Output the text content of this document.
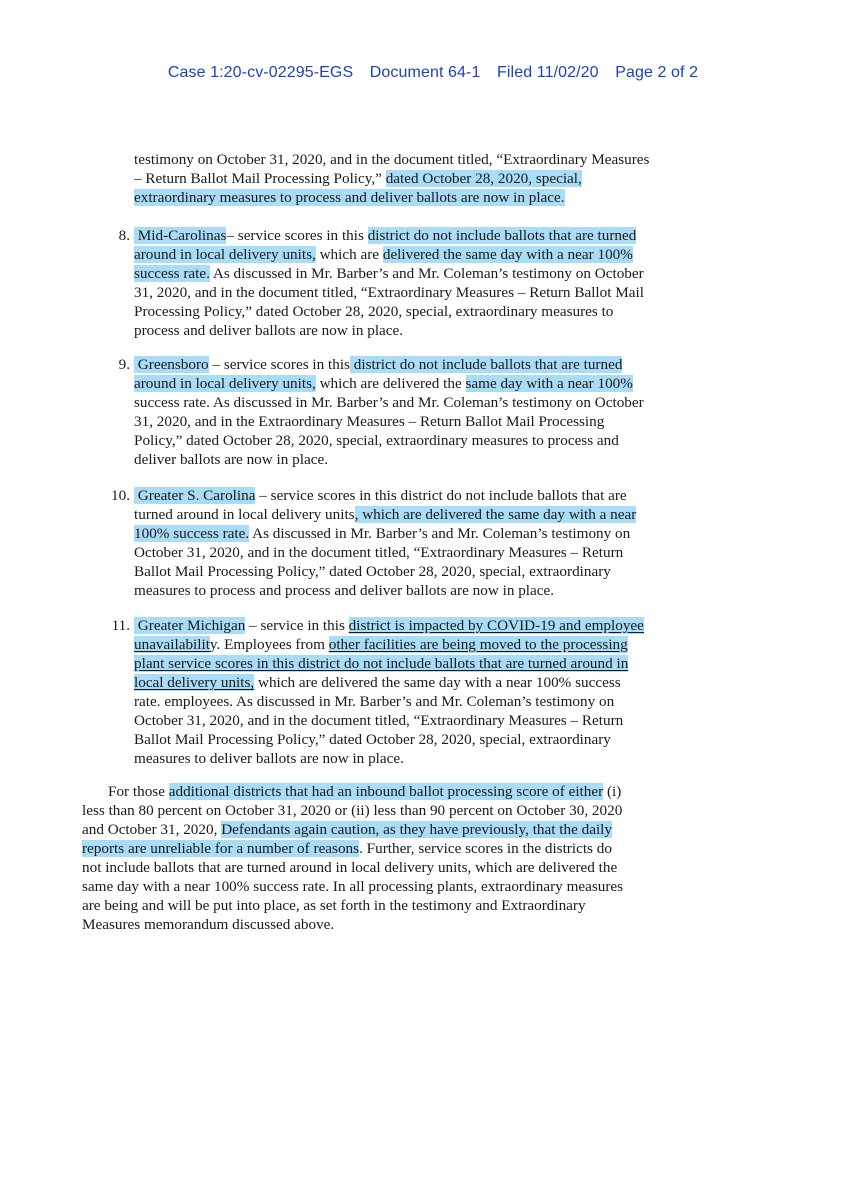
Case 1:20-cv-02295-EGS Document 64-1 Filed 11/02/20 Page 2 of 2
testimony on October 31, 2020, and in the document titled, “Extraordinary Measures
– Return Ballot Mail Processing Policy,” dated October 28, 2020, special,
extraordinary measures to process and deliver ballots are now in place.
8. Mid-Carolinas– service scores in this district do not include ballots that are turned
around in local delivery units, which are delivered the same day with a near 100%
success rate. As discussed in Mr. Barber’s and Mr. Coleman’s testimony on October
31, 2020, and in the document titled, “Extraordinary Measures – Return Ballot Mail
Processing Policy,” dated October 28, 2020, special, extraordinary measures to
process and deliver ballots are now in place.
9. Greensboro – service scores in this district do not include ballots that are turned
around in local delivery units, which are delivered the same day with a near 100%
success rate. As discussed in Mr. Barber’s and Mr. Coleman’s testimony on October
31, 2020, and in the Extraordinary Measures – Return Ballot Mail Processing
Policy,” dated October 28, 2020, special, extraordinary measures to process and
deliver ballots are now in place.
10. Greater S. Carolina – service scores in this district do not include ballots that are
turned around in local delivery units, which are delivered the same day with a near
100% success rate. As discussed in Mr. Barber’s and Mr. Coleman’s testimony on
October 31, 2020, and in the document titled, “Extraordinary Measures – Return
Ballot Mail Processing Policy,” dated October 28, 2020, special, extraordinary
measures to process and process and deliver ballots are now in place.
11. Greater Michigan – service in this district is impacted by COVID-19 and employee
unavailability. Employees from other facilities are being moved to the processing
plant service scores in this district do not include ballots that are turned around in
local delivery units, which are delivered the same day with a near 100% success
rate. employees. As discussed in Mr. Barber’s and Mr. Coleman’s testimony on
October 31, 2020, and in the document titled, “Extraordinary Measures – Return
Ballot Mail Processing Policy,” dated October 28, 2020, special, extraordinary
measures to deliver ballots are now in place.
For those additional districts that had an inbound ballot processing score of either (i)
less than 80 percent on October 31, 2020 or (ii) less than 90 percent on October 30, 2020
and October 31, 2020, Defendants again caution, as they have previously, that the daily
reports are unreliable for a number of reasons. Further, service scores in the districts do
not include ballots that are turned around in local delivery units, which are delivered the
same day with a near 100% success rate. In all processing plants, extraordinary measures
are being and will be put into place, as set forth in the testimony and Extraordinary
Measures memorandum discussed above.
